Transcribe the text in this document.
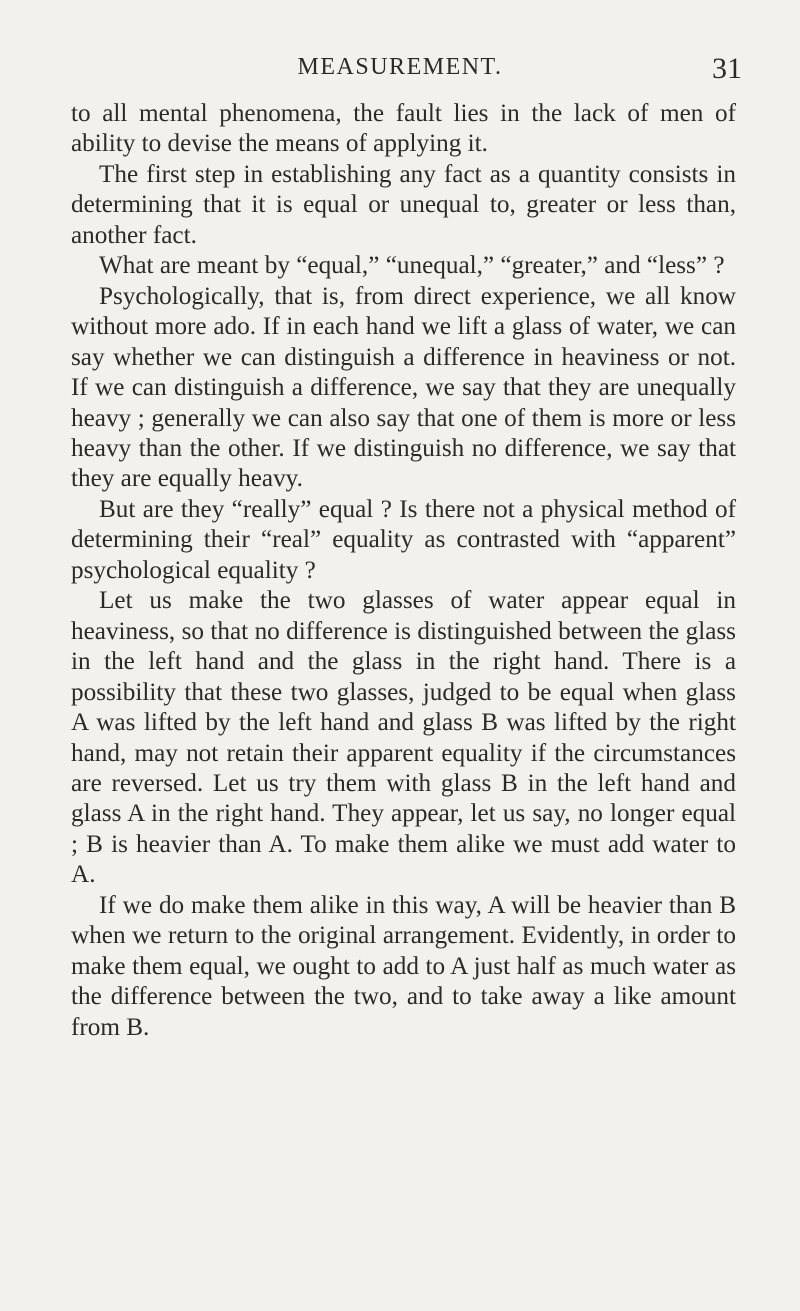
MEASUREMENT.	31

to all mental phenomena, the fault lies in the lack of men of ability to devise the means of applying it.

The first step in establishing any fact as a quantity consists in determining that it is equal or unequal to, greater or less than, another fact.

What are meant by “equal,” “unequal,” “greater,” and “less” ?

Psychologically, that is, from direct experience, we all know without more ado. If in each hand we lift a glass of water, we can say whether we can distinguish a difference in heaviness or not. If we can distinguish a difference, we say that they are unequally heavy ; generally we can also say that one of them is more or less heavy than the other. If we distinguish no difference, we say that they are equally heavy.

But are they “really” equal ? Is there not a physical method of determining their “real” equality as contrasted with “apparent” psychological equality ?

Let us make the two glasses of water appear equal in heaviness, so that no difference is distinguished between the glass in the left hand and the glass in the right hand. There is a possibility that these two glasses, judged to be equal when glass A was lifted by the left hand and glass B was lifted by the right hand, may not retain their apparent equality if the circumstances are reversed. Let us try them with glass B in the left hand and glass A in the right hand. They appear, let us say, no longer equal ; B is heavier than A. To make them alike we must add water to A.

If we do make them alike in this way, A will be heavier than B when we return to the original arrangement. Evidently, in order to make them equal, we ought to add to A just half as much water as the difference between the two, and to take away a like amount from B.
